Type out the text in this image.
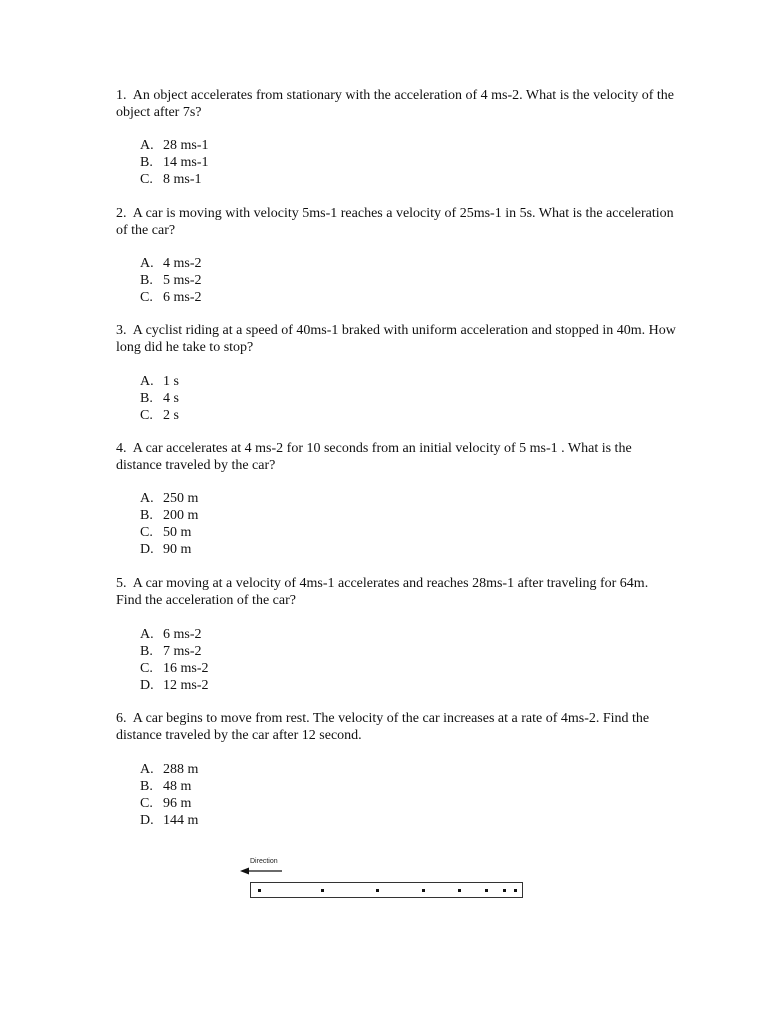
1. An object accelerates from stationary with the acceleration of 4 ms-2. What is the velocity of the object after 7s?

A. 28 ms-1
B. 14 ms-1
C. 8 ms-1

2. A car is moving with velocity 5ms-1 reaches a velocity of 25ms-1 in 5s. What is the acceleration of the car?

A. 4 ms-2
B. 5 ms-2
C. 6 ms-2

3. A cyclist riding at a speed of 40ms-1 braked with uniform acceleration and stopped in 40m. How long did he take to stop?

A. 1 s
B. 4 s
C. 2 s

4. A car accelerates at 4 ms-2 for 10 seconds from an initial velocity of 5 ms-1 . What is the distance traveled by the car?

A. 250 m
B. 200 m
C. 50 m
D. 90 m

5. A car moving at a velocity of 4ms-1 accelerates and reaches 28ms-1 after traveling for 64m. Find the acceleration of the car?

A. 6 ms-2
B. 7 ms-2
C. 16 ms-2
D. 12 ms-2

6. A car begins to move from rest. The velocity of the car increases at a rate of 4ms-2. Find the distance traveled by the car after 12 second.

A. 288 m
B. 48 m
C. 96 m
D. 144 m
Direction
